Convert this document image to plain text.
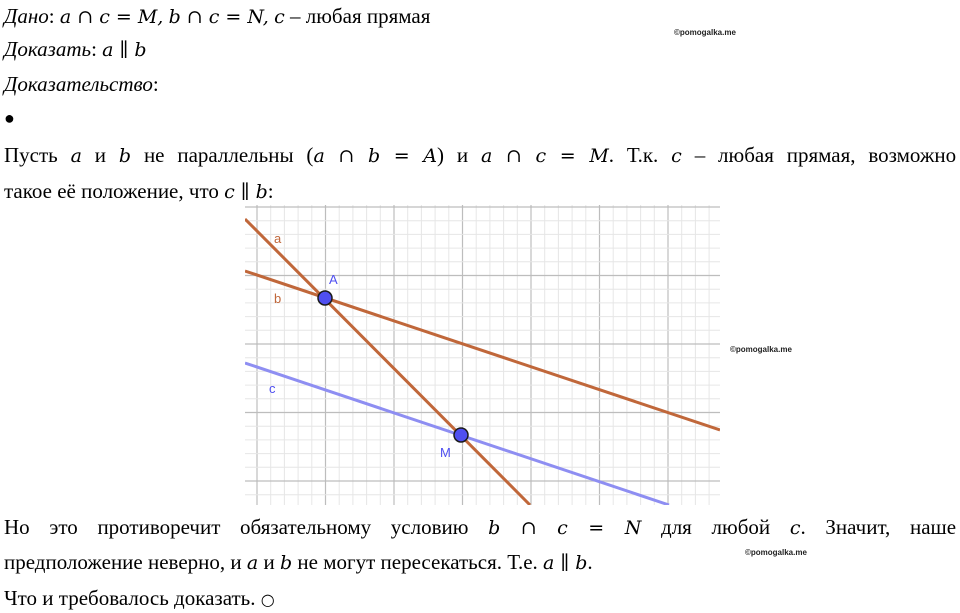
Дано: a ∩ c = M, b ∩ c = N, c – любая прямая
©pomogalka.me
Доказать: a ∥ b
Доказательство:
●
Пусть a и b не параллельны (a ∩ b = A) и a ∩ c = M. Т.к. c – любая прямая, возможно
такое её положение, что c ∥ b:
a
b
c
A
M
©pomogalka.me
Но это противоречит обязательному условию b ∩ c = N для любой c. Значит, наше
предположение неверно, и a и b не могут пересекаться. Т.е. a ∥ b.	©pomogalka.me
Что и требовалось доказать. ○
